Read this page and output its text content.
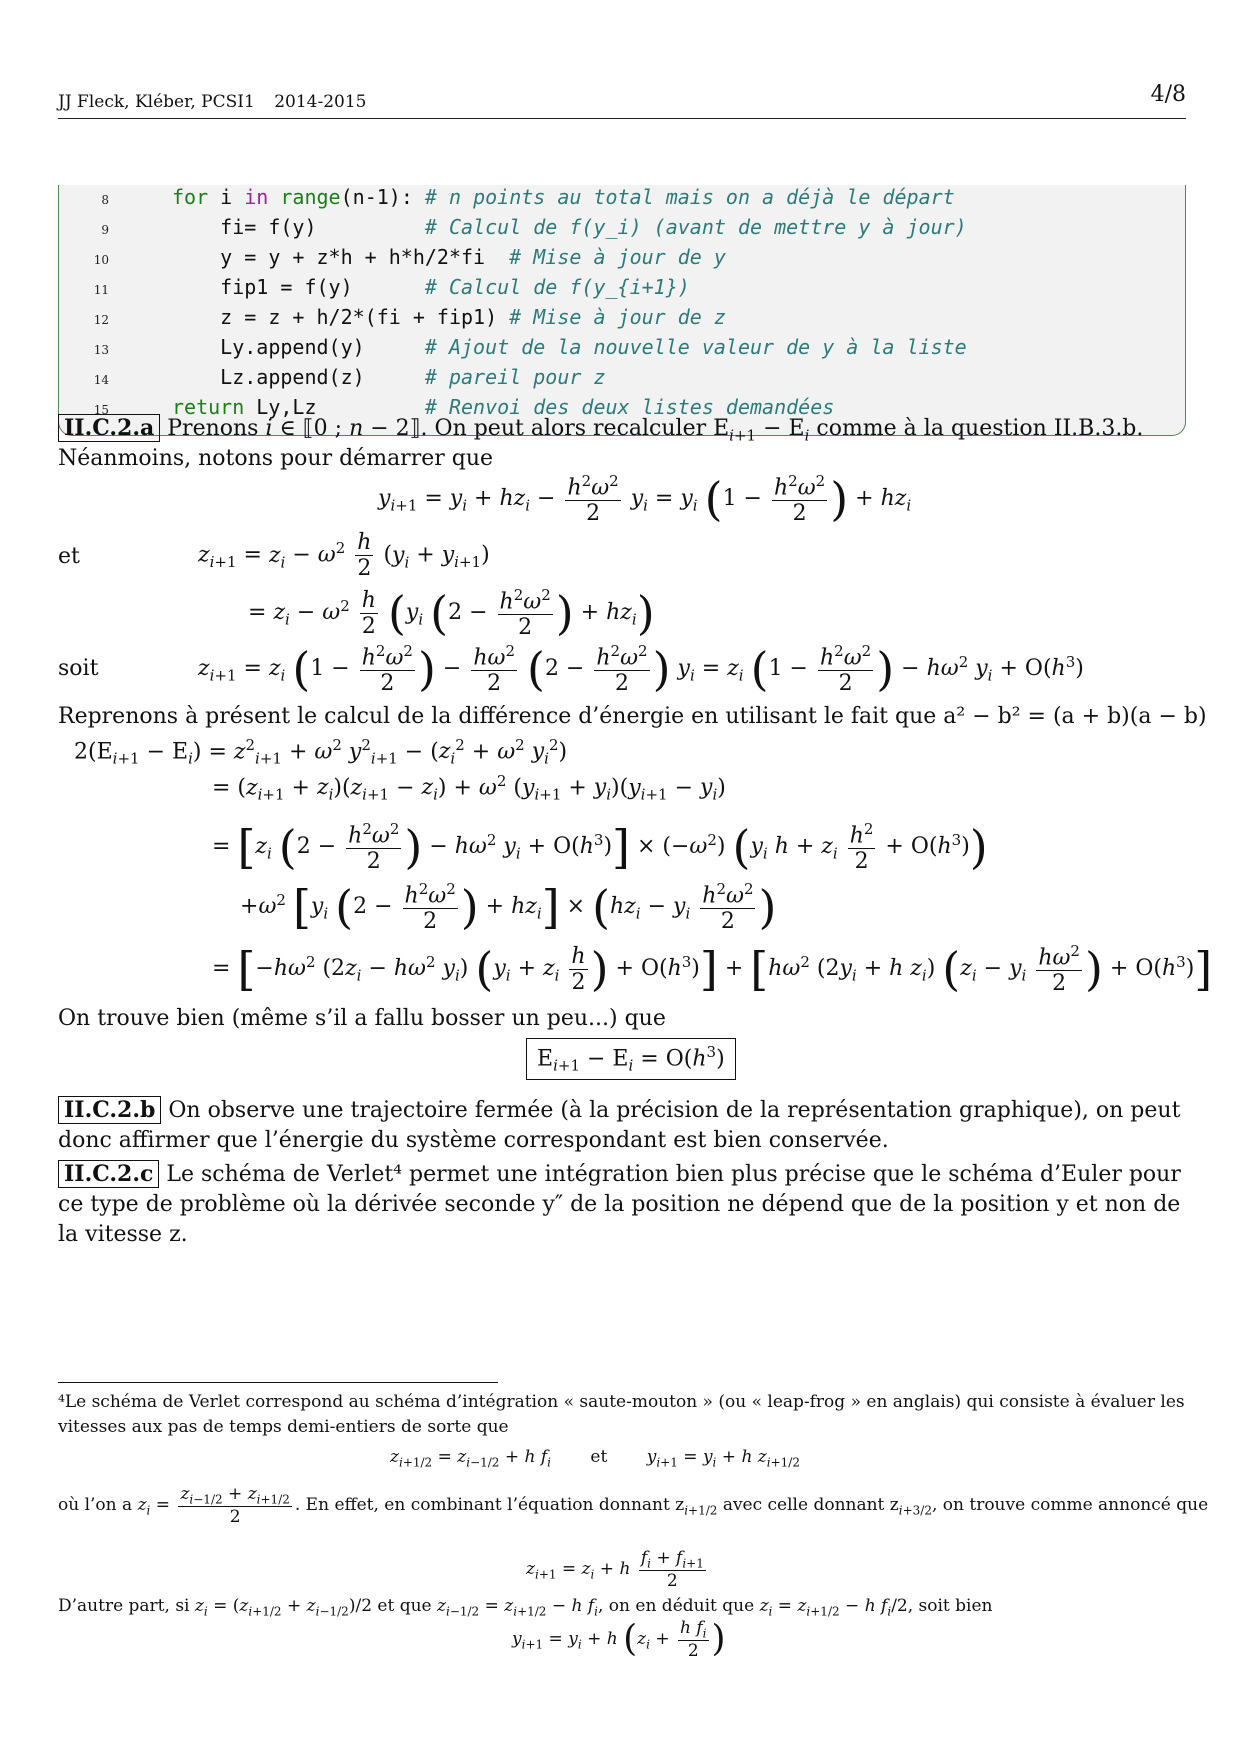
JJ Fleck, Kléber, PCSI1 2014-2015	4/8
8	for i in range(n-1): # n points au total mais on a déjà le départ
9	fi= f(y)         # Calcul de f(y_i) (avant de mettre y à jour)
10	y = y + z*h + h*h/2*fi  # Mise à jour de y
11	fip1 = f(y)      # Calcul de f(y_{i+1})
12	z = z + h/2*(fi + fip1) # Mise à jour de z
13	Ly.append(y)     # Ajout de la nouvelle valeur de y à la liste
14	Lz.append(z)     # pareil pour z
15	return Ly,Lz         # Renvoi des deux listes demandées
II.C.2.a Prenons i ∈ ⟦0 ; n − 2⟧. On peut alors recalculer $E_{i+1} - E_i$ comme à la question II.B.3.b.
Néanmoins, notons pour démarrer que
$y_{i+1} = y_i + hz_i - \frac{h^2\omega^2}{2} y_i = y_i$ ($1 - \frac{h^2\omega^2}{2}$ ) + $hz_i$
et	$z_{i+1} = z_i - \omega^2 \frac{h}{2} (y_i + y_{i+1})$
= $z_i - \omega^2 \frac{h}{2} (y_i$ ($2 - \frac{h^2\omega^2}{2}$ ) + $hz_i$)
soit	$z_{i+1} = z_i$ ($1 - \frac{h^2\omega^2}{2}$ ) − $\frac{h\omega^2}{2} (2 - \frac{h^2\omega^2}{2}$ ) $y_i = z_i$ ($1 - \frac{h^2\omega^2}{2}$ ) − $h\omega^2$ $y_i + O(h^3)$
Reprenons à présent le calcul de la différence d’énergie en utilisant le fait que a² − b² = (a + b)(a − b)
$2(E_{i+1} - E_i) = z^2_{i+1} + \omega^2$ $y^2_{i+1} - (z_i^2 + \omega^2$ $y_i^2$)
= $(z_{i+1} + z_i)(z_{i+1} - z_i) + \omega^2$ $(y_{i+1} + y_i)(y_{i+1} - y_i)$
= [$z_i$ ($2 - \frac{h^2\omega^2}{2}$ ) − $h\omega^2$ $y_i + O(h^3)] \times (-\omega^2)$ ($y_i$ $h + z_i \frac{h^2}{2} + O(h^3)$)
$+\omega^2$ [$y_i$ ($2 - \frac{h^2\omega^2}{2}$ ) + $hz_i] \times (hz_i - y_i \frac{h^2\omega^2}{2}$ )
= [$-h\omega^2$ ($2z_i - h\omega^2$ $y_i$) ($y_i + z_i \frac{h}{2}$ ) + $O(h^3)] + [h\omega^2$ ($2y_i + h$ $z_i$) ($z_i - y_i \frac{h\omega^2}{2}$ ) + $O(h^3)$]
On trouve bien (même s’il a fallu bosser un peu...) que
$E_{i+1} - E_i = O(h^3)$
II.C.2.b On observe une trajectoire fermée (à la précision de la représentation graphique), on peut donc affirmer que l’énergie du système correspondant est bien conservée.
II.C.2.c Le schéma de Verlet⁴ permet une intégration bien plus précise que le schéma d’Euler pour ce type de problème où la dérivée seconde y″ de la position ne dépend que de la position y et non de la vitesse z.
⁴Le schéma de Verlet correspond au schéma d’intégration « saute-mouton » (ou « leap-frog » en anglais) qui consiste à évaluer les vitesses aux pas de temps demi-entiers de sorte que
$z_{i+1/2} = z_{i-1/2} + h$ $f_i$ et $y_{i+1} = y_i + h$ $z_{i+1/2}$
où l’on a $z_i = \frac{z_{i-1/2} + z_{i+1/2}}{2}$ . En effet, en combinant l’équation donnant $z_{i+1/2}$ avec celle donnant $z_{i+3/2}$, on trouve comme annoncé que
$z_{i+1} = z_i + h \frac{f_i + f_{i+1}}{2}$
D’autre part, si $z_i = (z_{i+1/2} + z_{i-1/2})/2$ et que $z_{i-1/2} = z_{i+1/2} - h$ $f_i$, on en déduit que $z_i = z_{i+1/2} - h$ $f_i/2$, soit bien
$y_{i+1} = y_i + h$ ($z_i + \frac{h f_i}{2}$ )
